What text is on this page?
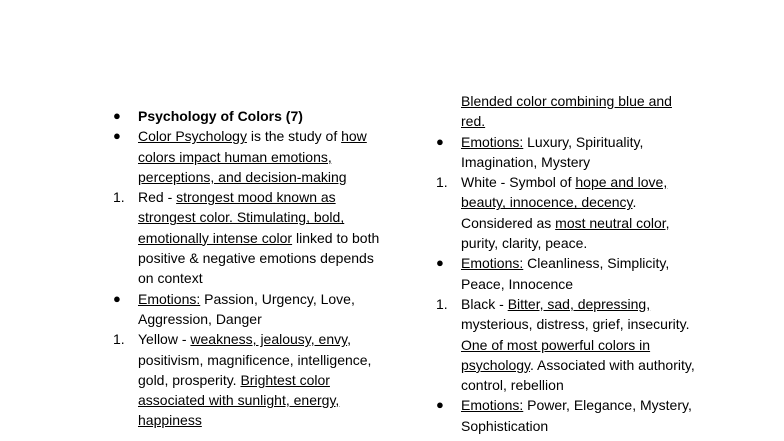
●	Psychology of Colors (7)
●	Color Psychology is the study of how colors impact human emotions, perceptions, and decision-making
1. Red - strongest mood known as strongest color. Stimulating, bold, emotionally intense color linked to both positive & negative emotions depends on context
●	Emotions: Passion, Urgency, Love, Aggression, Danger
1. Yellow - weakness, jealousy, envy, positivism, magnificence, intelligence, gold, prosperity. Brightest color associated with sunlight, energy, happiness
Blended color combining blue and red.
●	Emotions: Luxury, Spirituality, Imagination, Mystery
1. White - Symbol of hope and love, beauty, innocence, decency. Considered as most neutral color, purity, clarity, peace.
●	Emotions: Cleanliness, Simplicity, Peace, Innocence
1. Black - Bitter, sad, depressing, mysterious, distress, grief, insecurity. One of most powerful colors in psychology. Associated with authority, control, rebellion
●	Emotions: Power, Elegance, Mystery, Sophistication
